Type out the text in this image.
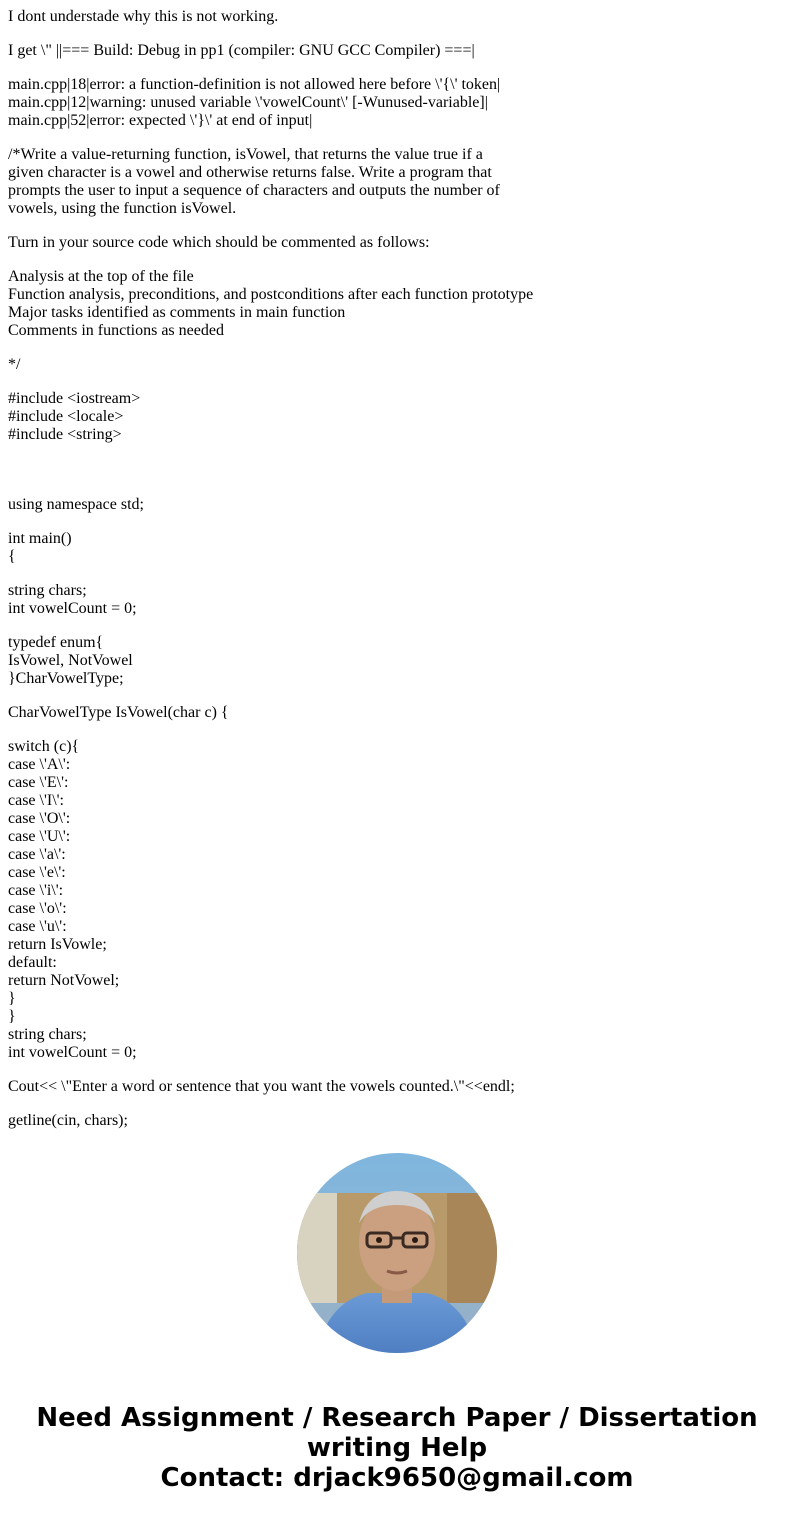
I dont understade why this is not working.
I get \" ||=== Build: Debug in pp1 (compiler: GNU GCC Compiler) ===|
main.cpp|18|error: a function-definition is not allowed here before \'{\' token|
main.cpp|12|warning: unused variable \'vowelCount\' [-Wunused-variable]|
main.cpp|52|error: expected \'}\' at end of input|
/*Write a value-returning function, isVowel, that returns the value true if a
given character is a vowel and otherwise returns false. Write a program that
prompts the user to input a sequence of characters and outputs the number of
vowels, using the function isVowel.
Turn in your source code which should be commented as follows:
Analysis at the top of the file
Function analysis, preconditions, and postconditions after each function prototype
Major tasks identified as comments in main function
Comments in functions as needed
*/
#include <iostream>
#include <locale>
#include <string>
using namespace std;
int main()
{
string chars;
int vowelCount = 0;
typedef enum{
IsVowel, NotVowel
}CharVowelType;
CharVowelType IsVowel(char c) {
switch (c){
case \'A\':
case \'E\':
case \'I\':
case \'O\':
case \'U\':
case \'a\':
case \'e\':
case \'i\':
case \'o\':
case \'u\':
return IsVowle;
default:
return NotVowel;
}
}
string chars;
int vowelCount = 0;
Cout<< \"Enter a word or sentence that you want the vowels counted.\"<<endl;
getline(cin, chars);
Need Assignment / Research Paper / Dissertation
writing Help
Contact: drjack9650@gmail.com
